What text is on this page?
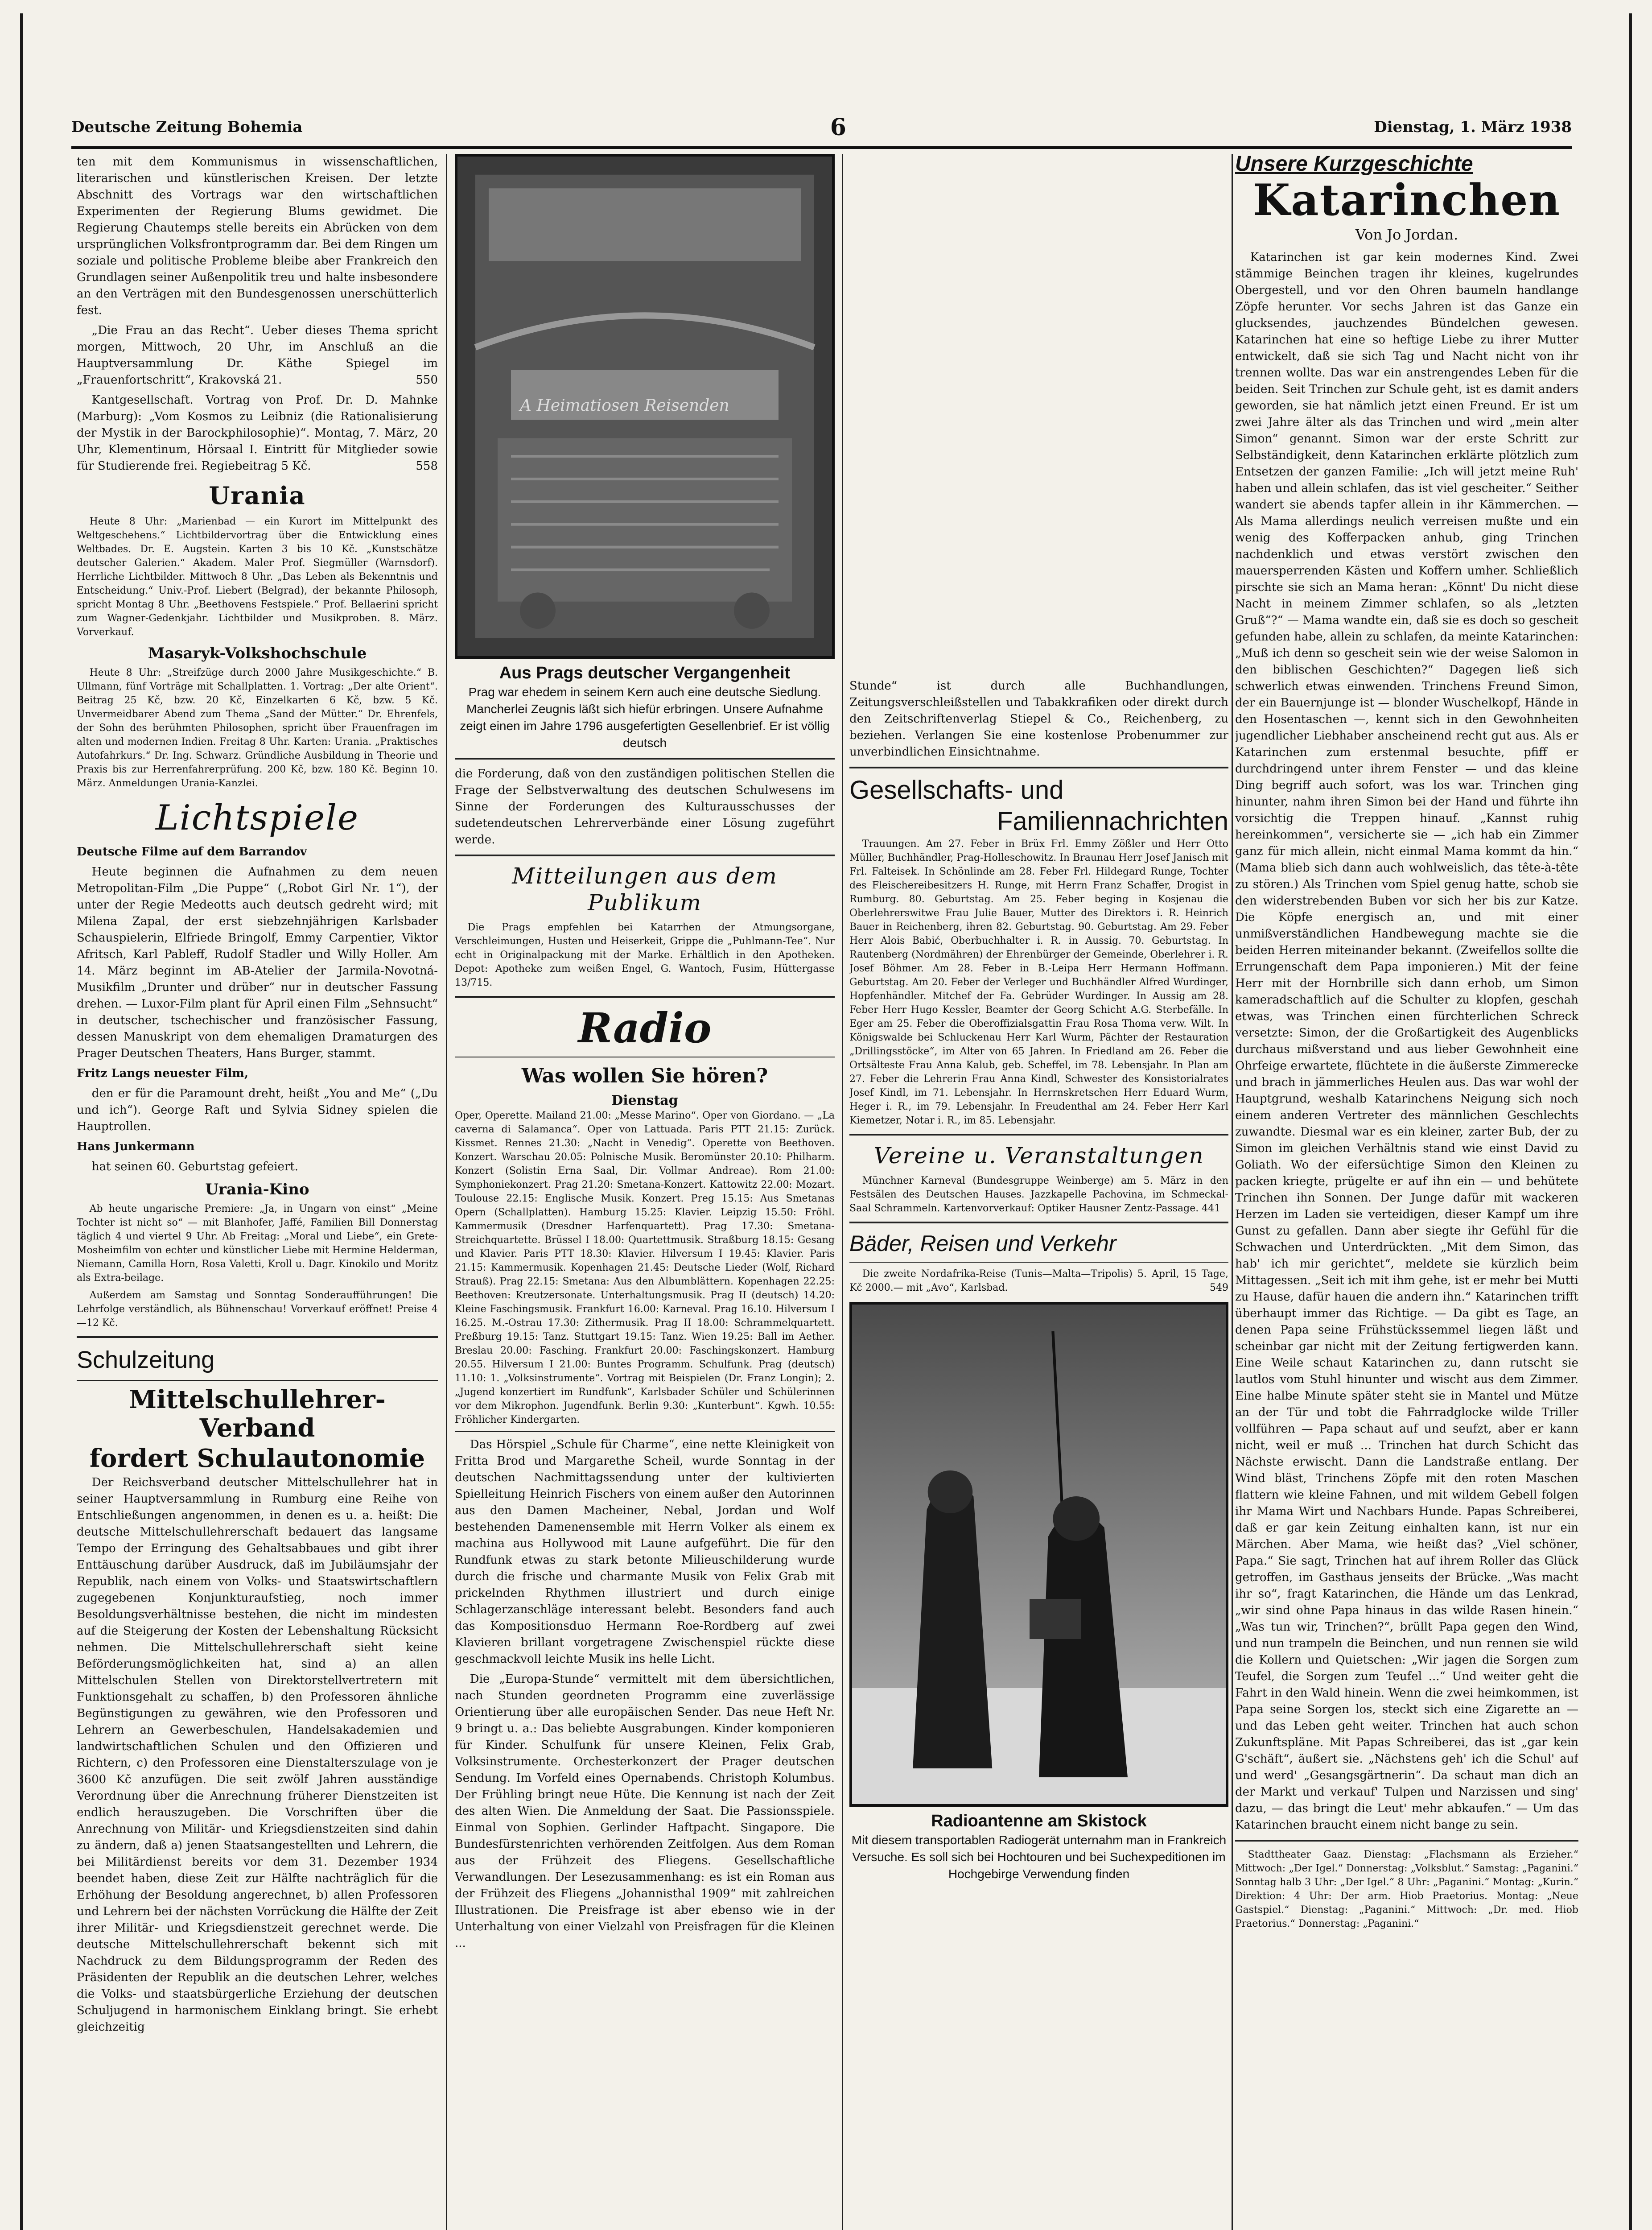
Deutsche Zeitung Bohemia	6	Dienstag, 1. März 1938

ten mit dem Kommunismus in wissenschaftlichen, literarischen und künstlerischen Kreisen. Der letzte Abschnitt des Vortrags war den wirtschaftlichen Experimenten der Regierung Blums gewidmet. Die Regierung Chautemps stelle bereits ein Abrücken von dem ursprünglichen Volksfrontprogramm dar. Bei dem Ringen um soziale und politische Probleme bleibe aber Frankreich den Grundlagen seiner Außenpolitik treu und halte insbesondere an den Verträgen mit den Bundesgenossen unerschütterlich fest.

„Die Frau an das Recht“. Ueber dieses Thema spricht morgen, Mittwoch, 20 Uhr, im Anschluß an die Hauptversammlung Dr. Käthe Spiegel im „Frauenfortschritt“, Krakovská 21.	550

Kantgesellschaft. Vortrag von Prof. Dr. D. Mahnke (Marburg): „Vom Kosmos zu Leibniz (die Rationalisierung der Mystik in der Barockphilosophie)“. Montag, 7. März, 20 Uhr, Klementinum, Hörsaal I. Eintritt für Mitglieder sowie für Studierende frei. Regiebeitrag 5 Kč.	558

Urania

Heute 8 Uhr: „Marienbad — ein Kurort im Mittelpunkt des Weltgeschehens.“ Lichtbildervortrag über die Entwicklung eines Weltbades. Dr. E. Augstein. Karten 3 bis 10 Kč. „Kunstschätze deutscher Galerien.“ Akadem. Maler Prof. Siegmüller (Warnsdorf). Herrliche Lichtbilder. Mittwoch 8 Uhr. „Das Leben als Bekenntnis und Entscheidung.“ Univ.-Prof. Liebert (Belgrad), der bekannte Philosoph, spricht Montag 8 Uhr. „Beethovens Festspiele.“ Prof. Bellaerini spricht zum Wagner-Gedenkjahr. Lichtbilder und Musikproben. 8. März. Vorverkauf.

Masaryk-Volkshochschule

Heute 8 Uhr: „Streifzüge durch 2000 Jahre Musikgeschichte.“ B. Ullmann, fünf Vorträge mit Schallplatten. 1. Vortrag: „Der alte Orient“. Beitrag 25 Kč, bzw. 20 Kč, Einzelkarten 6 Kč, bzw. 5 Kč. Unvermeidbarer Abend zum Thema „Sand der Mütter.“ Dr. Ehrenfels, der Sohn des berühmten Philosophen, spricht über Frauenfragen im alten und modernen Indien. Freitag 8 Uhr. Karten: Urania. „Praktisches Autofahrkurs.“ Dr. Ing. Schwarz. Gründliche Ausbildung in Theorie und Praxis bis zur Herrenfahrerprüfung. 200 Kč, bzw. 180 Kč. Beginn 10. März. Anmeldungen Urania-Kanzlei.

Lichtspiele

Deutsche Filme auf dem Barrandov

Heute beginnen die Aufnahmen zu dem neuen Metropolitan-Film „Die Puppe“ („Robot Girl Nr. 1“), der unter der Regie Medeotts auch deutsch gedreht wird; mit Milena Zapal, der erst siebzehnjährigen Karlsbader Schauspielerin, Elfriede Bringolf, Emmy Carpentier, Viktor Afritsch, Karl Pableff, Rudolf Stadler und Willy Holler. Am 14. März beginnt im AB-Atelier der Jarmila-Novotná-Musikfilm „Drunter und drüber“ nur in deutscher Fassung drehen. — Luxor-Film plant für April einen Film „Sehnsucht“ in deutscher, tschechischer und französischer Fassung, dessen Manuskript von dem ehemaligen Dramaturgen des Prager Deutschen Theaters, Hans Burger, stammt.

Fritz Langs neuester Film,

den er für die Paramount dreht, heißt „You and Me“ („Du und ich“). George Raft und Sylvia Sidney spielen die Hauptrollen.

Hans Junkermann

hat seinen 60. Geburtstag gefeiert.

Urania-Kino

Ab heute ungarische Premiere: „Ja, in Ungarn von einst“ „Meine Tochter ist nicht so“ — mit Blanhofer, Jaffé, Familien Bill Donnerstag täglich 4 und viertel 9 Uhr. Ab Freitag: „Moral und Liebe“, ein Grete-Mosheimfilm von echter und künstlicher Liebe mit Hermine Helderman, Niemann, Camilla Horn, Rosa Valetti, Kroll u. Dagr. Kinokilo und Moritz als Extra-beilage.

Außerdem am Samstag und Sonntag Sonderaufführungen! Die Lehrfolge verständlich, als Bühnenschau! Vorverkauf eröffnet! Preise 4—12 Kč.

Schulzeitung
Mittelschullehrer-Verband
fordert Schulautonomie

Der Reichsverband deutscher Mittelschullehrer hat in seiner Hauptversammlung in Rumburg eine Reihe von Entschließungen angenommen, in denen es u. a. heißt: Die deutsche Mittelschullehrerschaft bedauert das langsame Tempo der Erringung des Gehaltsabbaues und gibt ihrer Enttäuschung darüber Ausdruck, daß im Jubiläumsjahr der Republik, nach einem von Volks- und Staatswirtschaftlern zugegebenen Konjunkturaufstieg, noch immer Besoldungsverhältnisse bestehen, die nicht im mindesten auf die Steigerung der Kosten der Lebenshaltung Rücksicht nehmen. Die Mittelschullehrerschaft sieht keine Beförderungsmöglichkeiten hat, sind a) an allen Mittelschulen Stellen von Direktorstellvertretern mit Funktionsgehalt zu schaffen, b) den Professoren ähnliche Begünstigungen zu gewähren, wie den Professoren und Lehrern an Gewerbeschulen, Handelsakademien und landwirtschaftlichen Schulen und den Offizieren und Richtern, c) den Professoren eine Dienstalterszulage von je 3600 Kč anzufügen. Die seit zwölf Jahren ausständige Verordnung über die Anrechnung früherer Dienstzeiten ist endlich herauszugeben. Die Vorschriften über die Anrechnung von Militär- und Kriegsdienstzeiten sind dahin zu ändern, daß a) jenen Staatsangestellten und Lehrern, die bei Militärdienst bereits vor dem 31. Dezember 1934 beendet haben, diese Zeit zur Hälfte nachträglich für die Erhöhung der Besoldung angerechnet, b) allen Professoren und Lehrern bei der nächsten Vorrückung die Hälfte der Zeit ihrer Militär- und Kriegsdienstzeit gerechnet werde. Die deutsche Mittelschullehrerschaft bekennt sich mit Nachdruck zu dem Bildungsprogramm der Reden des Präsidenten der Republik an die deutschen Lehrer, welches die Volks- und staatsbürgerliche Erziehung der deutschen Schuljugend in harmonischem Einklang bringt. Sie erhebt gleichzeitig

A Heimatiosen Reisenden
Aus Prags deutscher Vergangenheit
Prag war ehedem in seinem Kern auch eine deutsche Siedlung. Mancherlei Zeugnis läßt sich hiefür erbringen. Unsere Aufnahme zeigt einen im Jahre 1796 ausgefertigten Gesellenbrief. Er ist völlig deutsch

die Forderung, daß von den zuständigen politischen Stellen die Frage der Selbstverwaltung des deutschen Schulwesens im Sinne der Forderungen des Kulturausschusses der sudetendeutschen Lehrerverbände einer Lösung zugeführt werde.

Mitteilungen aus dem Publikum

Die Prags empfehlen bei Katarrhen der Atmungsorgane, Verschleimungen, Husten und Heiserkeit, Grippe die „Puhlmann-Tee“. Nur echt in Originalpackung mit der Marke. Erhältlich in den Apotheken. Depot: Apotheke zum weißen Engel, G. Wantoch, Fusim, Hüttergasse 13/715.

Radio
Was wollen Sie hören?
Dienstag

Oper, Operette. Mailand 21.00: „Messe Marino“. Oper von Giordano. — „La caverna di Salamanca“. Oper von Lattuada. Paris PTT 21.15: Zurück. Kissmet. Rennes 21.30: „Nacht in Venedig“. Operette von Beethoven. Konzert. Warschau 20.05: Polnische Musik. Beromünster 20.10: Philharm. Konzert (Solistin Erna Saal, Dir. Vollmar Andreae). Rom 21.00: Symphoniekonzert. Prag 21.20: Smetana-Konzert. Kattowitz 22.00: Mozart. Toulouse 22.15: Englische Musik. Konzert. Preg 15.15: Aus Smetanas Opern (Schallplatten). Hamburg 15.25: Klavier. Leipzig 15.50: Fröhl. Kammermusik (Dresdner Harfenquartett). Prag 17.30: Smetana-Streichquartette. Brüssel I 18.00: Quartettmusik. Straßburg 18.15: Gesang und Klavier. Paris PTT 18.30: Klavier. Hilversum I 19.45: Klavier. Paris 21.15: Kammermusik. Kopenhagen 21.45: Deutsche Lieder (Wolf, Richard Strauß). Prag 22.15: Smetana: Aus den Albumblättern. Kopenhagen 22.25: Beethoven: Kreutzersonate. Unterhaltungsmusik. Prag II (deutsch) 14.20: Kleine Faschingsmusik. Frankfurt 16.00: Karneval. Prag 16.10. Hilversum I 16.25. M.-Ostrau 17.30: Zithermusik. Prag II 18.00: Schrammelquartett. Preßburg 19.15: Tanz. Stuttgart 19.15: Tanz. Wien 19.25: Ball im Aether. Breslau 20.00: Fasching. Frankfurt 20.00: Faschingskonzert. Hamburg 20.55. Hilversum I 21.00: Buntes Programm. Schulfunk. Prag (deutsch) 11.10: 1. „Volksinstrumente“. Vortrag mit Beispielen (Dr. Franz Longin); 2. „Jugend konzertiert im Rundfunk“, Karlsbader Schüler und Schülerinnen vor dem Mikrophon. Jugendfunk. Berlin 9.30: „Kunterbunt“. Kgwh. 10.55: Fröhlicher Kindergarten.

Das Hörspiel „Schule für Charme“, eine nette Kleinigkeit von Fritta Brod und Margarethe Scheil, wurde Sonntag in der deutschen Nachmittagssendung unter der kultivierten Spielleitung Heinrich Fischers von einem außer den Autorinnen aus den Damen Macheiner, Nebal, Jordan und Wolf bestehenden Damenensemble mit Herrn Volker als einem ex machina aus Hollywood mit Laune aufgeführt. Die für den Rundfunk etwas zu stark betonte Milieuschilderung wurde durch die frische und charmante Musik von Felix Grab mit prickelnden Rhythmen illustriert und durch einige Schlagerzanschläge interessant belebt. Besonders fand auch das Kompositionsduo Hermann Roe-Rordberg auf zwei Klavieren brillant vorgetragene Zwischenspiel rückte diese geschmackvoll leichte Musik ins helle Licht.

Die „Europa-Stunde“ vermittelt mit dem übersichtlichen, nach Stunden geordneten Programm eine zuverlässige Orientierung über alle europäischen Sender. Das neue Heft Nr. 9 bringt u. a.: Das beliebte Ausgrabungen. Kinder komponieren für Kinder. Schulfunk für unsere Kleinen, Felix Grab, Volksinstrumente. Orchesterkonzert der Prager deutschen Sendung. Im Vorfeld eines Opernabends. Christoph Kolumbus. Der Frühling bringt neue Hüte. Die Kennung ist nach der Zeit des alten Wien. Die Anmeldung der Saat. Die Passionsspiele. Einmal von Sophien. Gerlinder Haftpacht. Singapore. Die Bundesfürstenrichten verhörenden Zeitfolgen. Aus dem Roman aus der Frühzeit des Fliegens. Gesellschaftliche Verwandlungen. Der Lesezusammenhang: es ist ein Roman aus der Frühzeit des Fliegens „Johannisthal 1909“ mit zahlreichen Illustrationen. Die Preisfrage ist aber ebenso wie in der Unterhaltung von einer Vielzahl von Preisfragen für die Kleinen ...

Stunde“ ist durch alle Buchhandlungen, Zeitungsverschleißstellen und Tabakkrafiken oder direkt durch den Zeitschriftenverlag Stiepel & Co., Reichenberg, zu beziehen. Verlangen Sie eine kostenlose Probenummer zur unverbindlichen Einsichtnahme.

Gesellschafts- und
Familiennachrichten

Trauungen. Am 27. Feber in Brüx Frl. Emmy Zößler und Herr Otto Müller, Buchhändler, Prag-Holleschowitz. In Braunau Herr Josef Janisch mit Frl. Falteisek. In Schönlinde am 28. Feber Frl. Hildegard Runge, Tochter des Fleischereibesitzers H. Runge, mit Herrn Franz Schaffer, Drogist in Rumburg. 80. Geburtstag. Am 25. Feber beging in Kosjenau die Oberlehrerswitwe Frau Julie Bauer, Mutter des Direktors i. R. Heinrich Bauer in Reichenberg, ihren 82. Geburtstag. 90. Geburtstag. Am 29. Feber Herr Alois Babić, Oberbuchhalter i. R. in Aussig. 70. Geburtstag. In Rautenberg (Nordmähren) der Ehrenbürger der Gemeinde, Oberlehrer i. R. Josef Böhmer. Am 28. Feber in B.-Leipa Herr Hermann Hoffmann. Geburtstag. Am 20. Feber der Verleger und Buchhändler Alfred Wurdinger, Hopfenhändler. Mitchef der Fa. Gebrüder Wurdinger. In Aussig am 28. Feber Herr Hugo Kessler, Beamter der Georg Schicht A.G. Sterbefälle. In Eger am 25. Feber die Oberoffizialsgattin Frau Rosa Thoma verw. Wilt. In Königswalde bei Schluckenau Herr Karl Wurm, Pächter der Restauration „Drillingsstöcke“, im Alter von 65 Jahren. In Friedland am 26. Feber die Ortsälteste Frau Anna Kalub, geb. Scheffel, im 78. Lebensjahr. In Plan am 27. Feber die Lehrerin Frau Anna Kindl, Schwester des Konsistorialrates Josef Kindl, im 71. Lebensjahr. In Herrnskretschen Herr Eduard Wurm, Heger i. R., im 79. Lebensjahr. In Freudenthal am 24. Feber Herr Karl Kiemetzer, Notar i. R., im 85. Lebensjahr.

Vereine u. Veranstaltungen

Münchner Karneval (Bundesgruppe Weinberge) am 5. März in den Festsälen des Deutschen Hauses. Jazzkapelle Pachovina, im Schmeckal-Saal Schrammeln. Kartenvorverkauf: Optiker Hausner Zentz-Passage. 441

Bäder, Reisen und Verkehr

Die zweite Nordafrika-Reise (Tunis—Malta—Tripolis) 5. April, 15 Tage, Kč 2000.— mit „Avo“, Karlsbad.	549

Radioantenne am Skistock
Mit diesem transportablen Radiogerät unternahm man in Frankreich Versuche. Es soll sich bei Hochtouren und bei Suchexpeditionen im Hochgebirge Verwendung finden
Unsere Kurzgeschichte
Katarinchen
Von Jo Jordan.

Katarinchen ist gar kein modernes Kind. Zwei stämmige Beinchen tragen ihr kleines, kugelrundes Obergestell, und vor den Ohren baumeln handlange Zöpfe herunter. Vor sechs Jahren ist das Ganze ein glucksendes, jauchzendes Bündelchen gewesen. Katarinchen hat eine so heftige Liebe zu ihrer Mutter entwickelt, daß sie sich Tag und Nacht nicht von ihr trennen wollte. Das war ein anstrengendes Leben für die beiden. Seit Trinchen zur Schule geht, ist es damit anders geworden, sie hat nämlich jetzt einen Freund. Er ist um zwei Jahre älter als das Trinchen und wird „mein alter Simon“ genannt. Simon war der erste Schritt zur Selbständigkeit, denn Katarinchen erklärte plötzlich zum Entsetzen der ganzen Familie: „Ich will jetzt meine Ruh' haben und allein schlafen, das ist viel gescheiter.“ Seither wandert sie abends tapfer allein in ihr Kämmerchen. — Als Mama allerdings neulich verreisen mußte und ein wenig des Kofferpacken anhub, ging Trinchen nachdenklich und etwas verstört zwischen den mauersperrenden Kästen und Koffern umher. Schließlich pirschte sie sich an Mama heran: „Könnt' Du nicht diese Nacht in meinem Zimmer schlafen, so als „letzten Gruß“?“ — Mama wandte ein, daß sie es doch so gescheit gefunden habe, allein zu schlafen, da meinte Katarinchen: „Muß ich denn so gescheit sein wie der weise Salomon in den biblischen Geschichten?“ Dagegen ließ sich schwerlich etwas einwenden. Trinchens Freund Simon, der ein Bauernjunge ist — blonder Wuschelkopf, Hände in den Hosentaschen —, kennt sich in den Gewohnheiten jugendlicher Liebhaber anscheinend recht gut aus. Als er Katarinchen zum erstenmal besuchte, pfiff er durchdringend unter ihrem Fenster — und das kleine Ding begriff auch sofort, was los war. Trinchen ging hinunter, nahm ihren Simon bei der Hand und führte ihn vorsichtig die Treppen hinauf. „Kannst ruhig hereinkommen“, versicherte sie — „ich hab ein Zimmer ganz für mich allein, nicht einmal Mama kommt da hin.“ (Mama blieb sich dann auch wohlweislich, das tête-à-tête zu stören.) Als Trinchen vom Spiel genug hatte, schob sie den widerstrebenden Buben vor sich her bis zur Katze. Die Köpfe energisch an, und mit einer unmißverständlichen Handbewegung machte sie die beiden Herren miteinander bekannt. (Zweifellos sollte die Errungenschaft dem Papa imponieren.) Mit der feine Herr mit der Hornbrille sich dann erhob, um Simon kameradschaftlich auf die Schulter zu klopfen, geschah etwas, was Trinchen einen fürchterlichen Schreck versetzte: Simon, der die Großartigkeit des Augenblicks durchaus mißverstand und aus lieber Gewohnheit eine Ohrfeige erwartete, flüchtete in die äußerste Zimmerecke und brach in jämmerliches Heulen aus. Das war wohl der Hauptgrund, weshalb Katarinchens Neigung sich noch einem anderen Vertreter des männlichen Geschlechts zuwandte. Diesmal war es ein kleiner, zarter Bub, der zu Simon im gleichen Verhältnis stand wie einst David zu Goliath. Wo der eifersüchtige Simon den Kleinen zu packen kriegte, prügelte er auf ihn ein — und behütete Trinchen ihn Sonnen. Der Junge dafür mit wackeren Herzen im Laden sie verteidigen, dieser Kampf um ihre Gunst zu gefallen. Dann aber siegte ihr Gefühl für die Schwachen und Unterdrückten. „Mit dem Simon, das hab' ich mir gerichtet“, meldete sie kürzlich beim Mittagessen. „Seit ich mit ihm gehe, ist er mehr bei Mutti zu Hause, dafür hauen die andern ihn.“ Katarinchen trifft überhaupt immer das Richtige. — Da gibt es Tage, an denen Papa seine Frühstückssemmel liegen läßt und scheinbar gar nicht mit der Zeitung fertigwerden kann. Eine Weile schaut Katarinchen zu, dann rutscht sie lautlos vom Stuhl hinunter und wischt aus dem Zimmer. Eine halbe Minute später steht sie in Mantel und Mütze an der Tür und tobt die Fahrradglocke wilde Triller vollführen — Papa schaut auf und seufzt, aber er kann nicht, weil er muß ... Trinchen hat durch Schicht das Nächste erwischt. Dann die Landstraße entlang. Der Wind bläst, Trinchens Zöpfe mit den roten Maschen flattern wie kleine Fahnen, und mit wildem Gebell folgen ihr Mama Wirt und Nachbars Hunde. Papas Schreiberei, daß er gar kein Zeitung einhalten kann, ist nur ein Märchen. Aber Mama, wie heißt das? „Viel schöner, Papa.“ Sie sagt, Trinchen hat auf ihrem Roller das Glück getroffen, im Gasthaus jenseits der Brücke. „Was macht ihr so“, fragt Katarinchen, die Hände um das Lenkrad, „wir sind ohne Papa hinaus in das wilde Rasen hinein.“ „Was tun wir, Trinchen?“, brüllt Papa gegen den Wind, und nun trampeln die Beinchen, und nun rennen sie wild die Kollern und Quietschen: „Wir jagen die Sorgen zum Teufel, die Sorgen zum Teufel ...“ Und weiter geht die Fahrt in den Wald hinein. Wenn die zwei heimkommen, ist Papa seine Sorgen los, steckt sich eine Zigarette an — und das Leben geht weiter. Trinchen hat auch schon Zukunftspläne. Mit Papas Schreiberei, das ist „gar kein G'schäft“, äußert sie. „Nächstens geh' ich die Schul' auf und werd' „Gesangsgärtnerin“. Da schaut man dich an der Markt und verkauf' Tulpen und Narzissen und sing' dazu, — das bringt die Leut' mehr abkaufen.“ — Um das Katarinchen braucht einem nicht bange zu sein.

Stadttheater Gaaz. Dienstag: „Flachsmann als Erzieher.“ Mittwoch: „Der Igel.“ Donnerstag: „Volksblut.“ Samstag: „Paganini.“ Sonntag halb 3 Uhr: „Der Igel.“ 8 Uhr: „Paganini.“ Montag: „Kurin.“ Direktion: 4 Uhr: Der arm. Hiob Praetorius. Montag: „Neue Gastspiel.“ Dienstag: „Paganini.“ Mittwoch: „Dr. med. Hiob Praetorius.“ Donnerstag: „Paganini.“
